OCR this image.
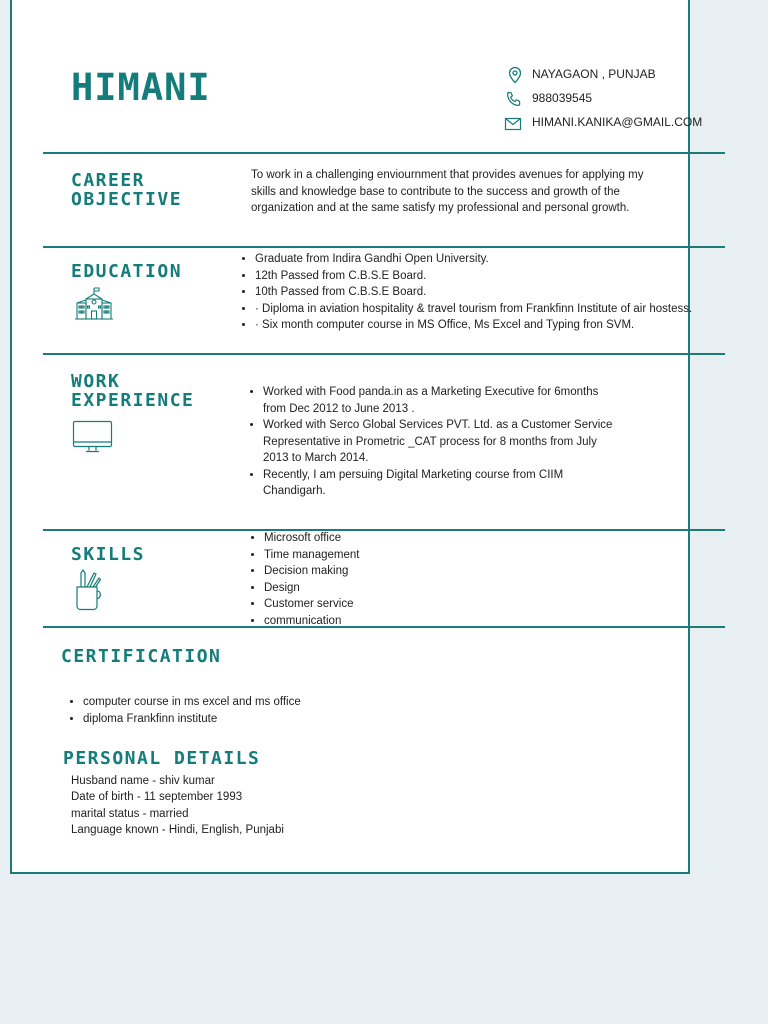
HIMANI	NAYAGAON , PUNJAB
988039545
HIMANI.KANIKA@GMAIL.COM
CAREER
OBJECTIVE
To work in a challenging enviournment that provides avenues for applying my skills and knowledge base to contribute to the success and growth of the organization and at the same satisfy my professional and personal growth.
EDUCATION
• Graduate from Indira Gandhi Open University.
• 12th Passed from C.B.S.E Board.
• 10th Passed from C.B.S.E Board.
• · Diploma in aviation hospitality & travel tourism from Frankfinn Institute of air hostess.
• · Six month computer course in MS Office, Ms Excel and Typing fron SVM.
WORK
EXPERIENCE
•	Worked with Food panda.in as a Marketing Executive for 6months from Dec 2012 to June 2013 .
• Worked with Serco Global Services PVT. Ltd. as a Customer Service Representative in Prometric _CAT process for 8 months from July 2013 to March 2014.
• Recently, I am persuing Digital Marketing course from CIIM Chandigarh.
SKILLS
• Microsoft office
• Time management
• Decision making
• Design
• Customer service
• communication
CERTIFICATION
• computer course in ms excel and ms office
• diploma Frankfinn institute
PERSONAL DETAILS
Husband name - shiv kumar
Date of birth - 11 september 1993
marital status - married
Language known - Hindi, English, Punjabi
